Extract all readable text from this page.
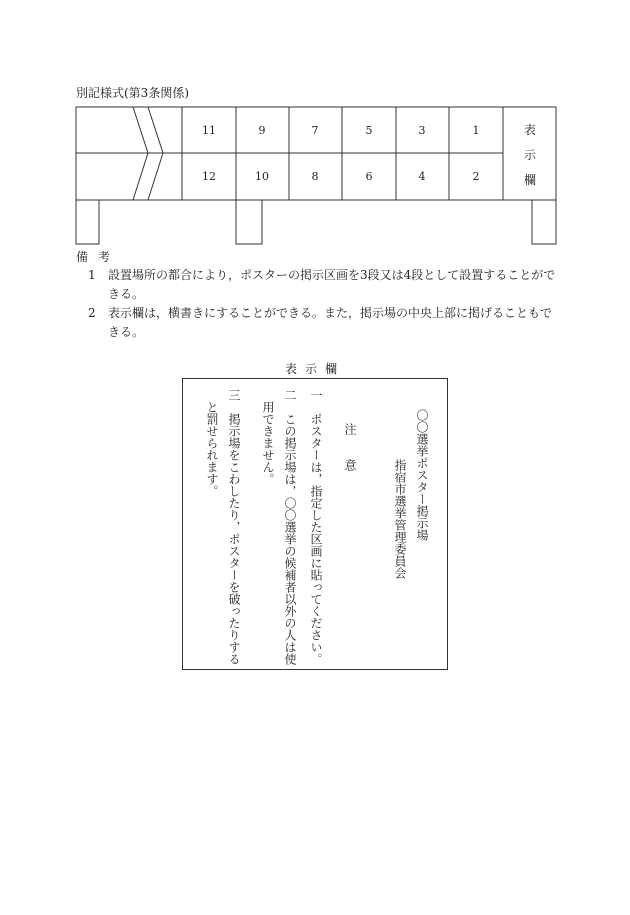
別記様式(第3条関係)
11	9	7	5	3	1
12	10	8	6	4	2
表
示
欄
備考
1 設置場所の都合により，ポスターの掲示区画を3段又は4段として設置することがで
きる。
2 表示欄は，横書きにすることができる。また，掲示場の中央上部に掲げることもで
きる。
表示欄
〇〇選挙ポスター掲示場
指宿市選挙管理委員会
注　　意
一　ポスターは，指定した区画に貼ってください。
二　この掲示場は，〇〇選挙の候補者以外の人は使
用できません。
三　掲示場をこわしたり，ポスターを破ったりする
と罰せられます。
